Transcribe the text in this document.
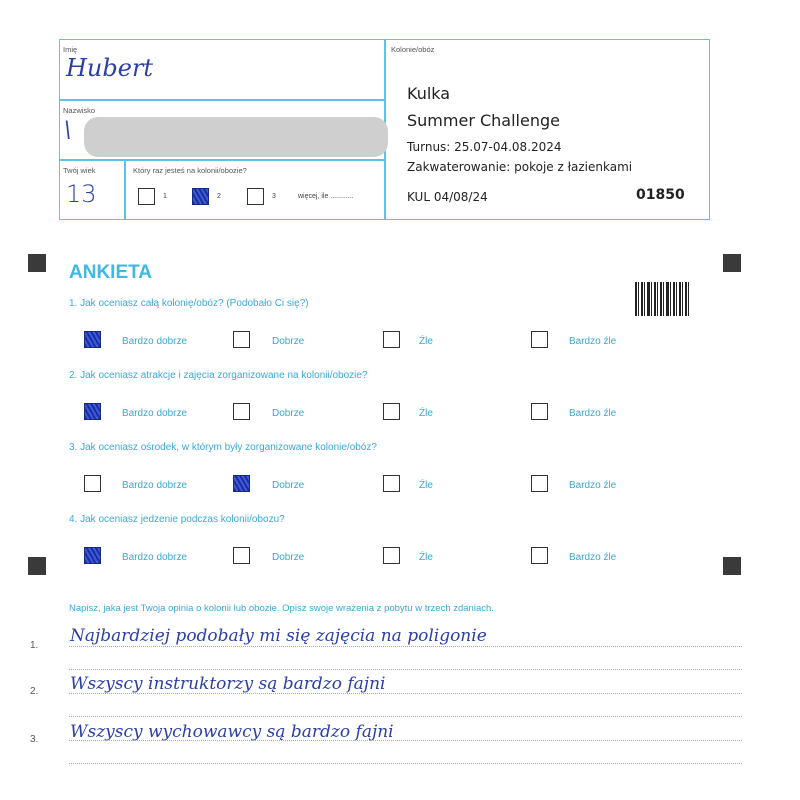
Imię
Hubert
Nazwisko
\
Twój wiek
13
Który raz jesteś na kolonii/obozie?
1	2	3	więcej, ile ............
Kolonie/obóz
Kulka
Summer Challenge
Turnus: 25.07-04.08.2024
Zakwaterowanie: pokoje z łazienkami
KUL 04/08/24	01850
ANKIETA
1. Jak oceniasz całą kolonię/obóz? (Podobało Ci się?)
Bardzo dobrze	Dobrze	Źle	Bardzo źle
2. Jak oceniasz atrakcje i zajęcia zorganizowane na kolonii/obozie?
Bardzo dobrze	Dobrze	Źle	Bardzo źle
3. Jak oceniasz ośrodek, w którym były zorganizowane kolonie/obóz?
Bardzo dobrze	Dobrze	Źle	Bardzo źle
4. Jak oceniasz jedzenie podczas kolonii/obozu?
Bardzo dobrze	Dobrze	Źle	Bardzo źle
Napisz, jaka jest Twoja opinia o kolonii lub obozie. Opisz swoje wrażenia z pobytu w trzech zdaniach.
1. Najbardziej podobały mi się zajęcia na poligonie
2. Wszyscy instruktorzy są bardzo fajni
3. Wszyscy wychowawcy są bardzo fajni
